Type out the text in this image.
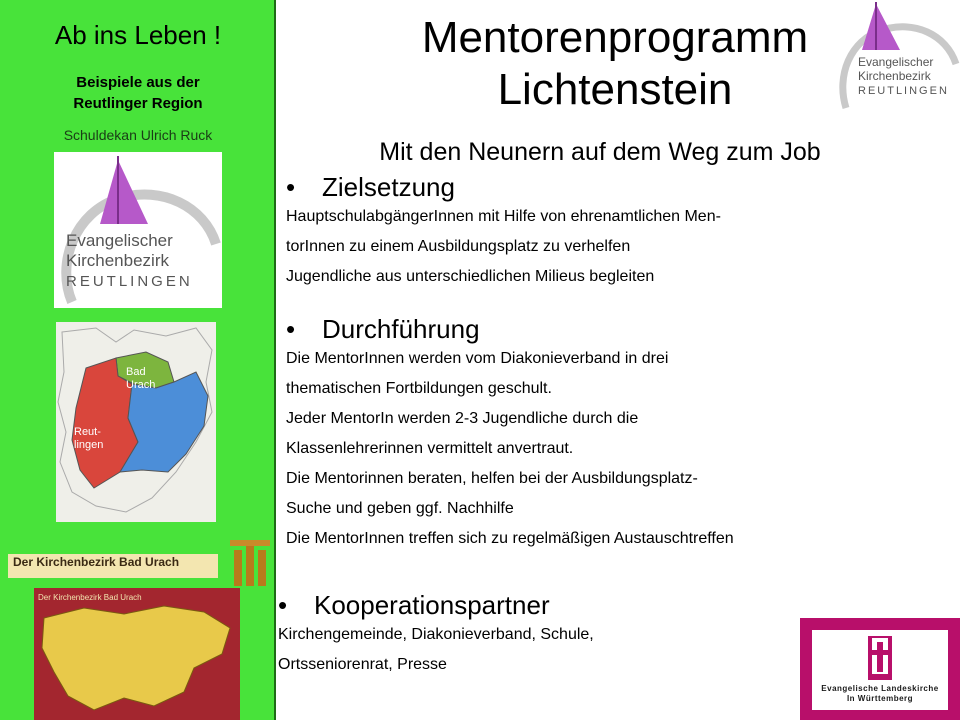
Ab ins Leben !
Beispiele aus der
Reutlinger Region
Schuldekan Ulrich Ruck
Evangelischer
Kirchenbezirk
REUTLINGEN
Bad
Urach
Reut-
lingen
Der Kirchenbezirk Bad Urach
Der Kirchenbezirk Bad Urach
Mentorenprogramm
Lichtenstein
Evangelischer
Kirchenbezirk
REUTLINGEN
Mit den Neunern auf dem Weg zum Job
• Zielsetzung
HauptschulabgängerInnen mit Hilfe von ehrenamtlichen Men-
torInnen zu einem Ausbildungsplatz zu verhelfen
Jugendliche aus unterschiedlichen Milieus begleiten
• Durchführung
Die MentorInnen werden vom Diakonieverband in drei
thematischen Fortbildungen geschult.
Jeder MentorIn werden 2-3 Jugendliche durch die
Klassenlehrerinnen vermittelt anvertraut.
Die Mentorinnen beraten, helfen bei der Ausbildungsplatz-
Suche und geben ggf. Nachhilfe
Die MentorInnen treffen sich zu regelmäßigen Austauschtreffen
• Kooperationspartner
Kirchengemeinde, Diakonieverband, Schule,
Ortsseniorenrat, Presse
Evangelische Landeskirche
In Württemberg
